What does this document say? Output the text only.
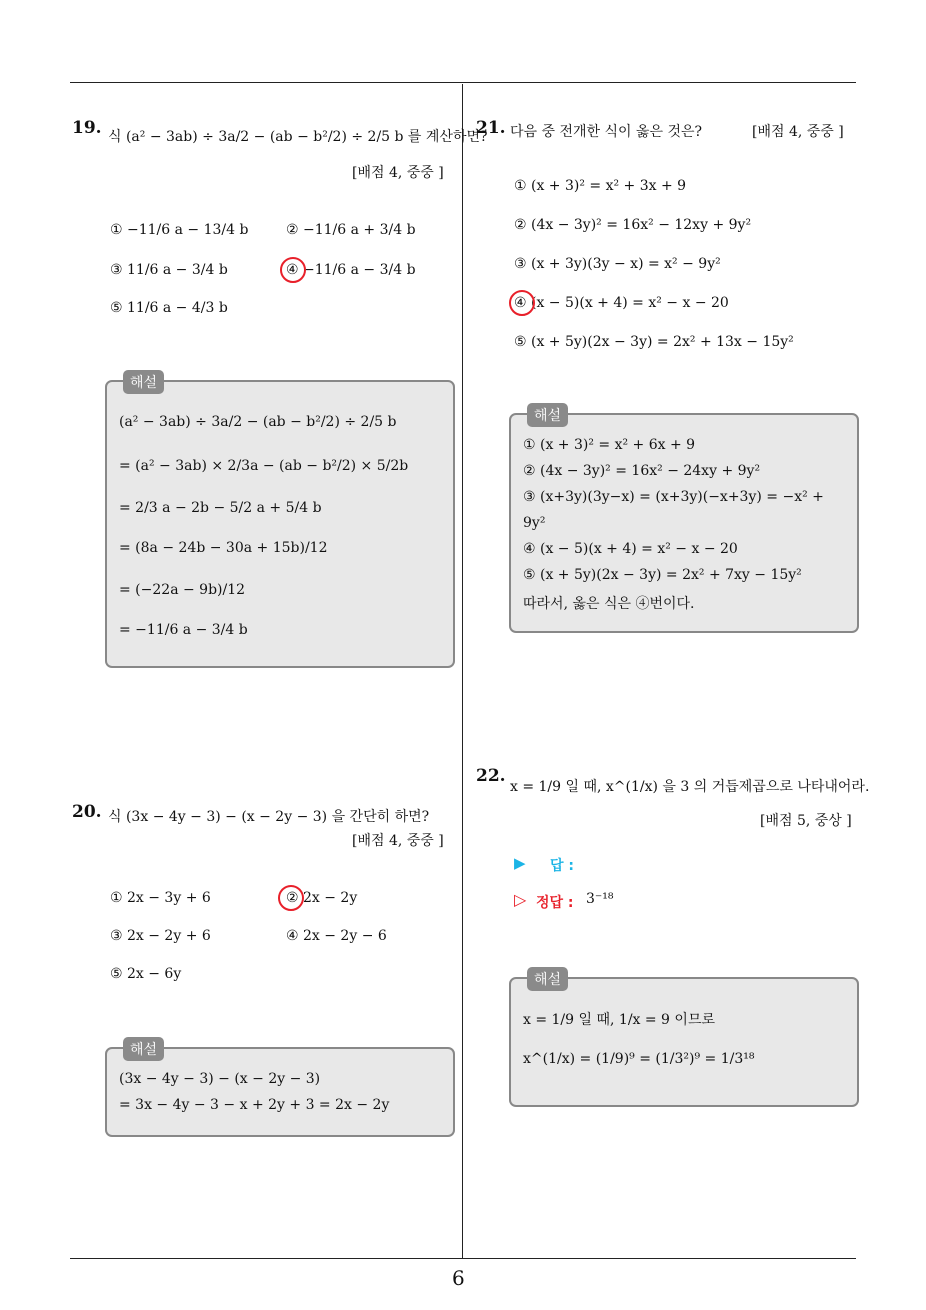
19. 식 (a² − 3ab) ÷ 3a/2 − (ab − b²/2) ÷ 2/5 b 를 계산하면?
[배점 4, 중중 ]
① −11/6 a − 13/4 b	② −11/6 a + 3/4 b
③ 11/6 a − 3/4 b	④ −11/6 a − 3/4 b
⑤ 11/6 a − 4/3 b
해설
(a² − 3ab) ÷ 3a/2 − (ab − b²/2) ÷ 2/5 b
= (a² − 3ab) × 2/3a − (ab − b²/2) × 5/2b
= 2/3 a − 2b − 5/2 a + 5/4 b
= (8a − 24b − 30a + 15b)/12
= (−22a − 9b)/12
= −11/6 a − 3/4 b
20. 식 (3x − 4y − 3) − (x − 2y − 3) 을 간단히 하면?
[배점 4, 중중 ]
① 2x − 3y + 6	② 2x − 2y
③ 2x − 2y + 6	④ 2x − 2y − 6
⑤ 2x − 6y
해설
(3x − 4y − 3) − (x − 2y − 3)
= 3x − 4y − 3 − x + 2y + 3 = 2x − 2y
21. 다음 중 전개한 식이 옳은 것은?	[배점 4, 중중 ]
① (x + 3)² = x² + 3x + 9
② (4x − 3y)² = 16x² − 12xy + 9y²
③ (x + 3y)(3y − x) = x² − 9y²
④ (x − 5)(x + 4) = x² − x − 20
⑤ (x + 5y)(2x − 3y) = 2x² + 13x − 15y²
해설
① (x + 3)² = x² + 6x + 9
② (4x − 3y)² = 16x² − 24xy + 9y²
③ (x+3y)(3y−x) = (x+3y)(−x+3y) = −x² +
9y²
④ (x − 5)(x + 4) = x² − x − 20
⑤ (x + 5y)(2x − 3y) = 2x² + 7xy − 15y²
따라서, 옳은 식은 ④번이다.
22.
x = 1/9 일 때, x^(1/x) 을 3 의 거듭제곱으로 나타내어라.
[배점 5, 중상 ]
▶ 답 :
▷ 정답 : 3⁻¹⁸
해설
x = 1/9 일 때, 1/x = 9 이므로
x^(1/x) = (1/9)⁹ = (1/3²)⁹ = 1/3¹⁸
6
